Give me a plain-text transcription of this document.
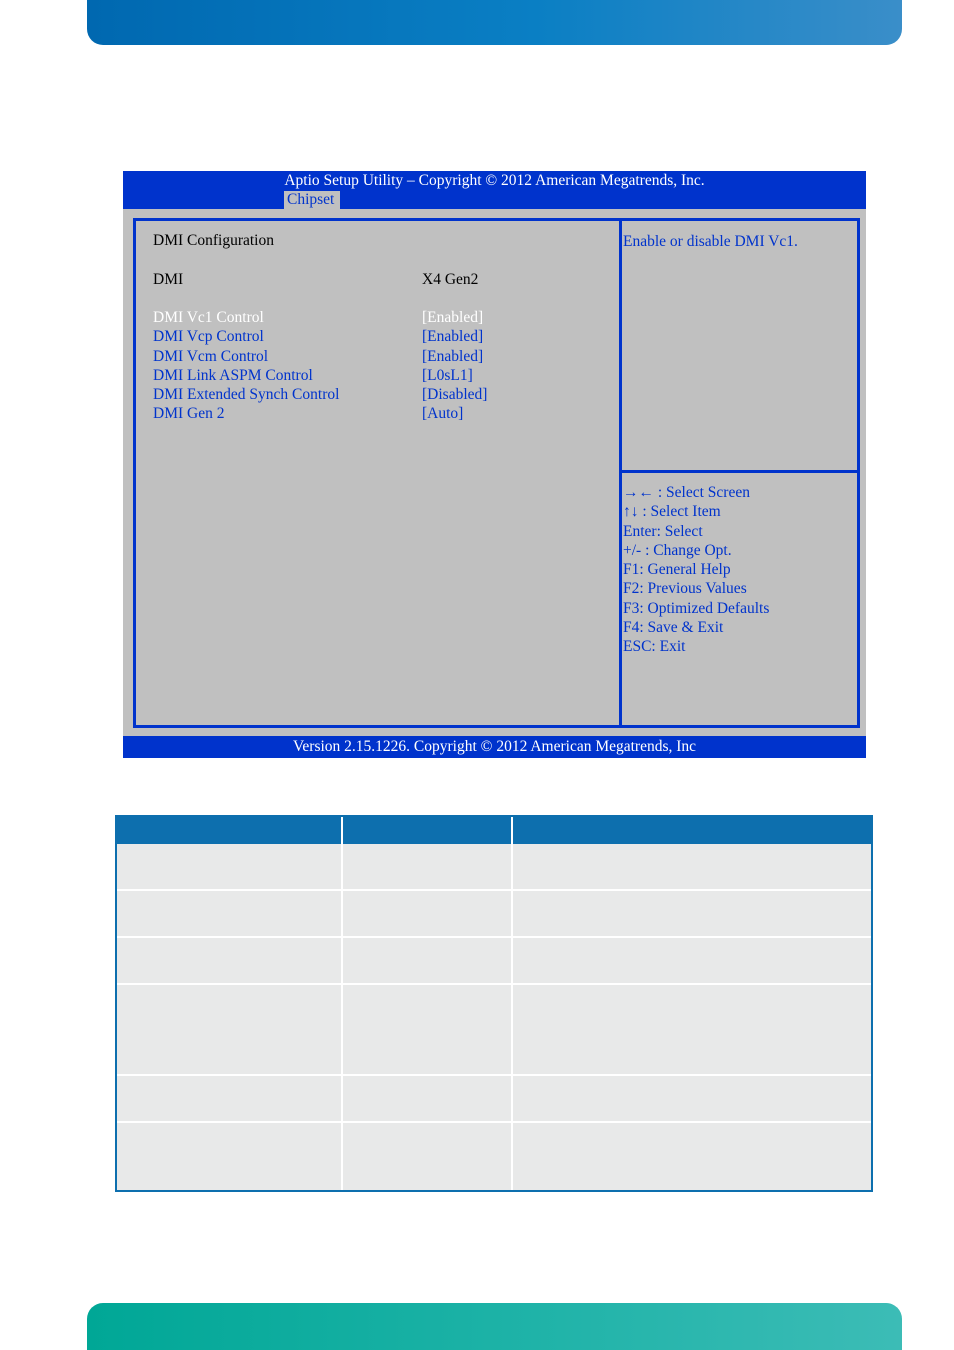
Aptio Setup Utility – Copyright © 2012 American Megatrends, Inc.
Chipset
DMI Configuration
DMI	X4 Gen2
DMI Vc1 Control	[Enabled]
DMI Vcp Control	[Enabled]
DMI Vcm Control	[Enabled]
DMI Link ASPM Control	[L0sL1]
DMI Extended Synch Control	[Disabled]
DMI Gen 2	[Auto]
Enable or disable DMI Vc1.
→← : Select Screen
↑↓ : Select Item
Enter: Select
+/- : Change Opt.
F1: General Help
F2: Previous Values
F3: Optimized Defaults
F4: Save & Exit
ESC: Exit
Version 2.15.1226. Copyright © 2012 American Megatrends, Inc
